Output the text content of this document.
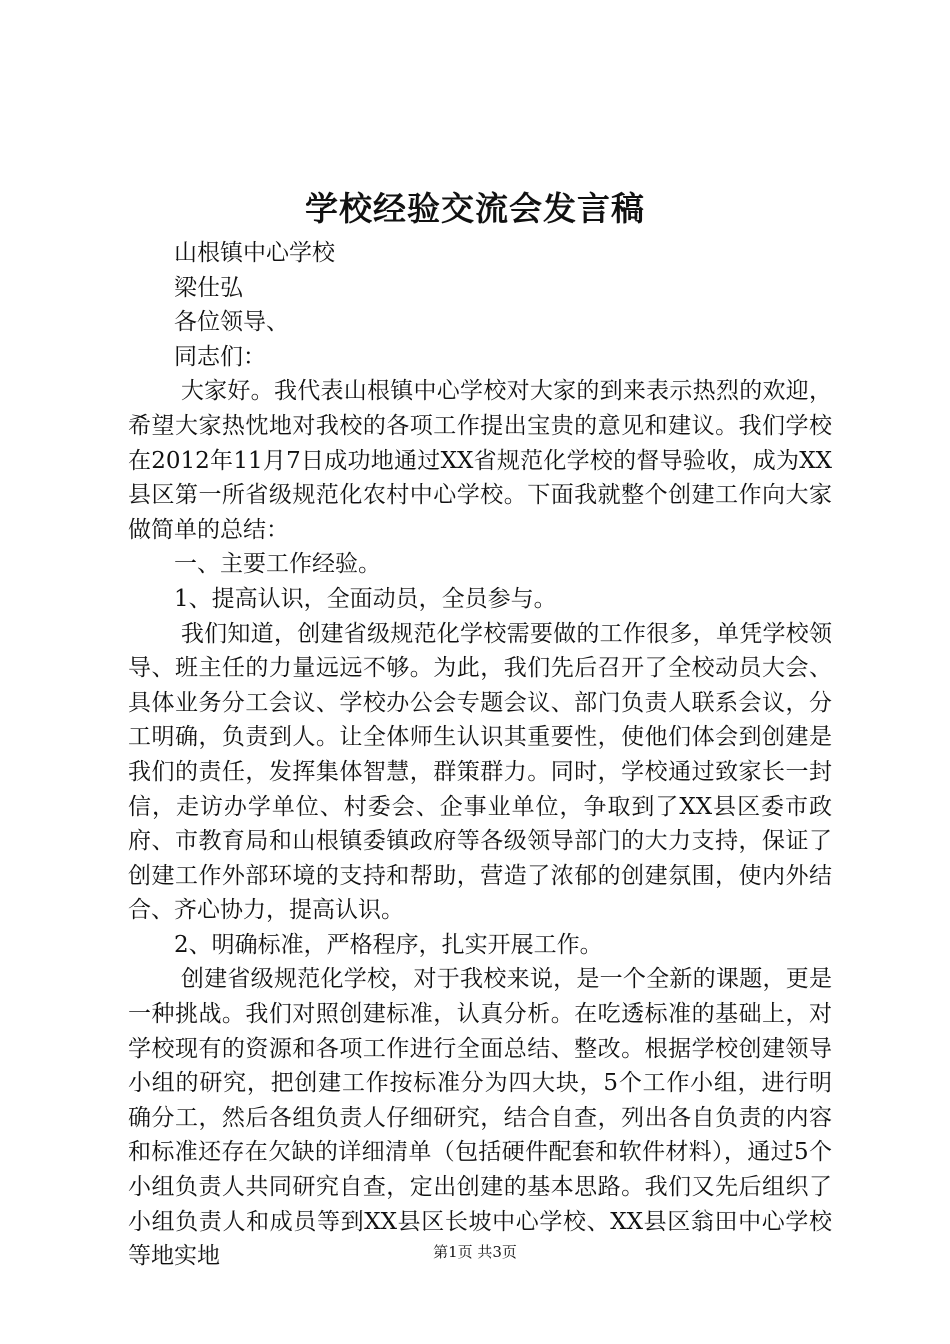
学校经验交流会发言稿

山根镇中心学校

梁仕弘

各位领导、

同志们：

大家好。我代表山根镇中心学校对大家的到来表示热烈的欢迎，希望大家热忱地对我校的各项工作提出宝贵的意见和建议。我们学校在2012年11月7日成功地通过XX省规范化学校的督导验收，成为XX县区第一所省级规范化农村中心学校。下面我就整个创建工作向大家做简单的总结：

一、主要工作经验。

1、提高认识，全面动员，全员参与。

我们知道，创建省级规范化学校需要做的工作很多，单凭学校领导、班主任的力量远远不够。为此，我们先后召开了全校动员大会、具体业务分工会议、学校办公会专题会议、部门负责人联系会议，分工明确，负责到人。让全体师生认识其重要性，使他们体会到创建是我们的责任，发挥集体智慧，群策群力。同时，学校通过致家长一封信，走访办学单位、村委会、企事业单位，争取到了XX县区委市政府、市教育局和山根镇委镇政府等各级领导部门的大力支持，保证了创建工作外部环境的支持和帮助，营造了浓郁的创建氛围，使内外结合、齐心协力，提高认识。

2、明确标准，严格程序，扎实开展工作。

创建省级规范化学校，对于我校来说，是一个全新的课题，更是一种挑战。我们对照创建标准，认真分析。在吃透标准的基础上，对学校现有的资源和各项工作进行全面总结、整改。根据学校创建领导小组的研究，把创建工作按标准分为四大块，5个工作小组，进行明确分工，然后各组负责人仔细研究，结合自查，列出各自负责的内容和标准还存在欠缺的详细清单（包括硬件配套和软件材料），通过5个小组负责人共同研究自查，定出创建的基本思路。我们又先后组织了小组负责人和成员等到XX县区长坡中心学校、XX县区翁田中心学校等地实地	第1页 共3页
